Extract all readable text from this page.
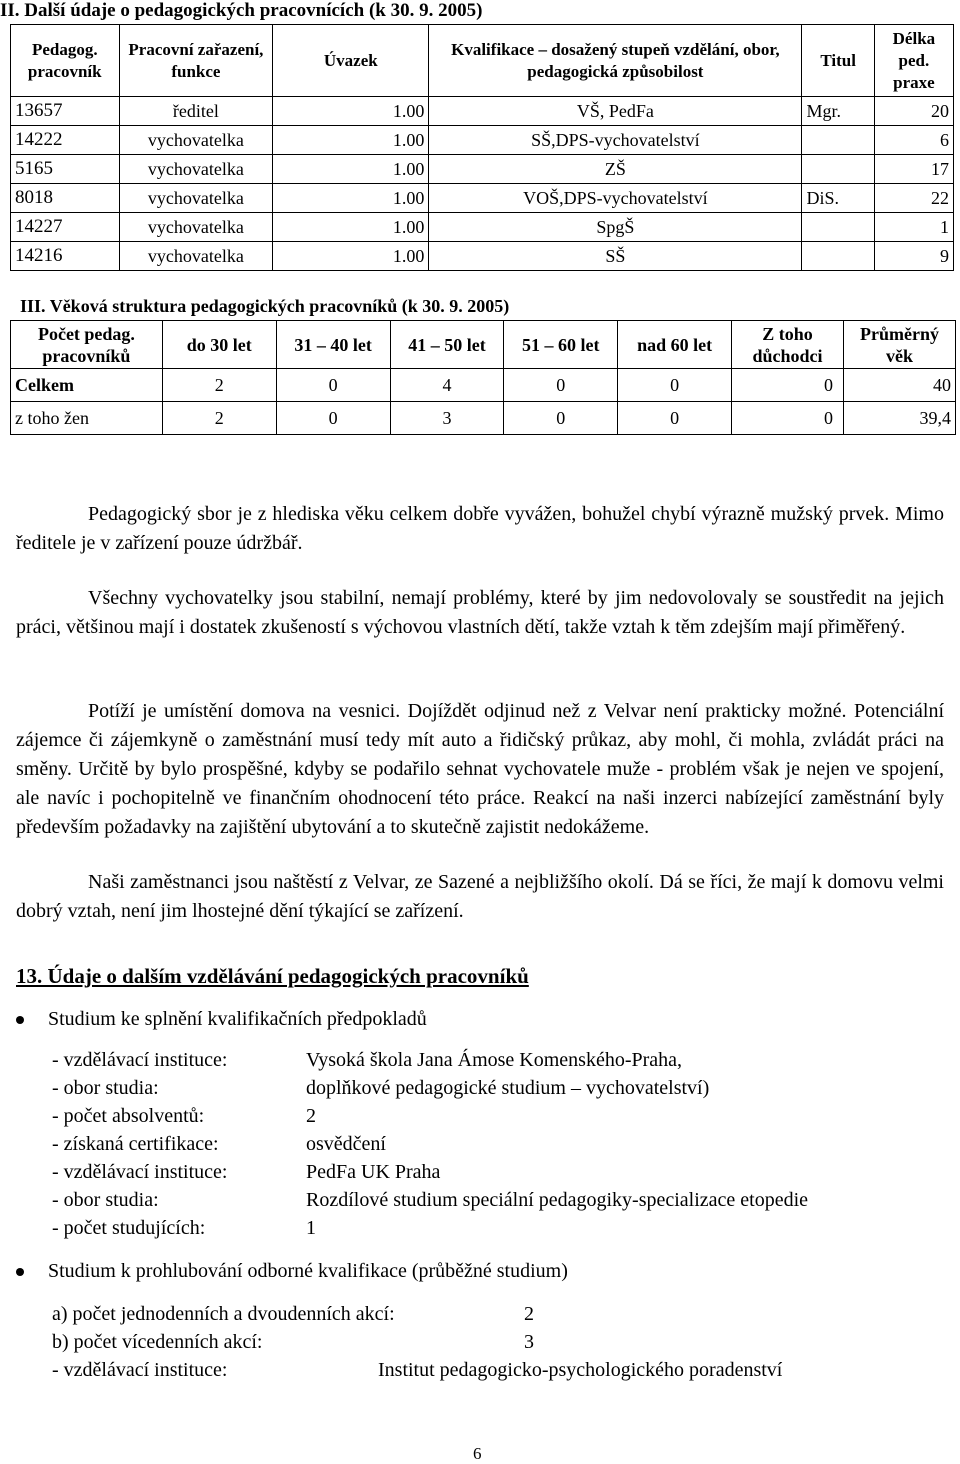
II. Další údaje o pedagogických pracovnících (k 30. 9. 2005)
Pedagog. pracovník	Pracovní zařazení, funkce	Úvazek	Kvalifikace – dosažený stupeň vzdělání, obor, pedagogická způsobilost	Titul	Délka ped. praxe
13657	ředitel	1.00	VŠ, PedFa	Mgr.	20
14222	vychovatelka	1.00	SŠ,DPS-vychovatelství		6
5165	vychovatelka	1.00	ZŠ		17
8018	vychovatelka	1.00	VOŠ,DPS-vychovatelství	DiS.	22
14227	vychovatelka	1.00	SpgŠ		1
14216	vychovatelka	1.00	SŠ		9
III. Věková struktura pedagogických pracovníků (k 30. 9. 2005)
Počet pedag. pracovníků	do 30 let	31 – 40 let	41 – 50 let	51 – 60 let	nad 60 let	Z toho důchodci	Průměrný věk
Celkem	2	0	4	0	0	0	40
z toho žen	2	0	3	0	0	0	39,4
Pedagogický sbor je z hlediska věku celkem dobře vyvážen, bohužel chybí výrazně mužský prvek. Mimo ředitele je v zařízení pouze údržbář.
Všechny vychovatelky jsou stabilní, nemají problémy, které by jim nedovolovaly se soustředit na jejich práci, většinou mají i dostatek zkušeností s výchovou vlastních dětí, takže vztah k těm zdejším mají přiměřený.
Potíží je umístění domova na vesnici. Dojíždět odjinud než z Velvar není prakticky možné. Potenciální zájemce či zájemkyně o zaměstnání musí tedy mít auto a řidičský průkaz, aby mohl, či mohla, zvládát práci na směny. Určitě by bylo prospěšné, kdyby se podařilo sehnat vychovatele muže - problém však je nejen ve spojení, ale navíc i pochopitelně ve finančním ohodnocení této práce. Reakcí na naši inzerci nabízející zaměstnání byly především požadavky na zajištění ubytování a to skutečně zajistit nedokážeme.
Naši zaměstnanci jsou naštěstí z Velvar, ze Sazené a nejbližšího okolí. Dá se říci, že mají k domovu velmi dobrý vztah, není jim lhostejné dění týkající se zařízení.
13. Údaje o dalším vzdělávání pedagogických pracovníků
Studium ke splnění kvalifikačních předpokladů
- vzdělávací instituce:	Vysoká škola Jana Ámose Komenského-Praha,
- obor studia:	doplňkové pedagogické studium – vychovatelství)
- počet absolventů:	2
- získaná certifikace:	osvědčení
- vzdělávací instituce:	PedFa UK Praha
- obor studia:	Rozdílové studium speciální pedagogiky-specializace etopedie
- počet studujících:	1
Studium k prohlubování odborné kvalifikace (průběžné studium)
a) počet jednodenních a dvoudenních akcí:	2
b) počet vícedenních akcí:	3
- vzdělávací instituce:	Institut pedagogicko-psychologického poradenství
6
